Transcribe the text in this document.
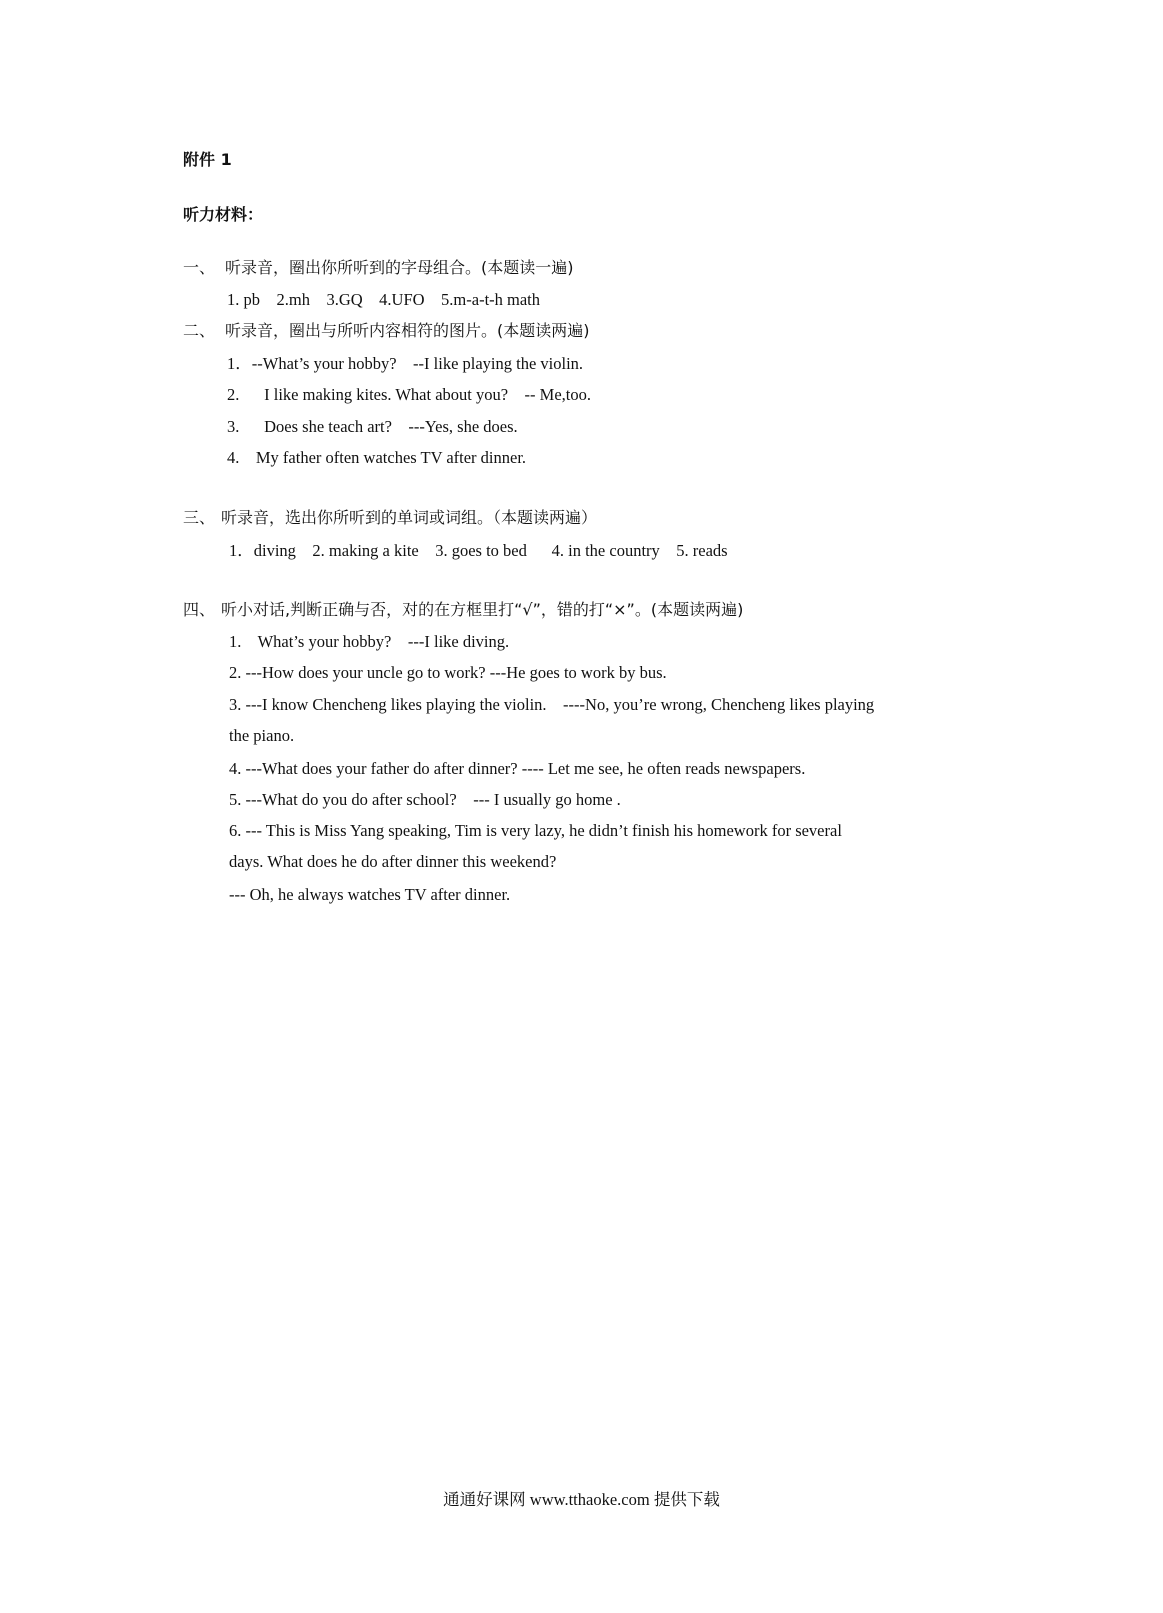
附件 1
听力材料：
一、 听录音，圈出你所听到的字母组合。(本题读一遍)
1. pb    2.mh    3.GQ    4.UFO    5.m-a-t-h math
二、 听录音，圈出与所听内容相符的图片。(本题读两遍)
1．--What’s your hobby?    --I like playing the violin.
2.      I like making kites. What about you?    -- Me,too.
3.      Does she teach art?    ---Yes, she does.
4.    My father often watches TV after dinner.
三、 听录音，选出你所听到的单词或词组。（本题读两遍）
1．diving    2. making a kite    3. goes to bed      4. in the country    5. reads
四、 听小对话,判断正确与否，对的在方框里打“√”，错的打“×”。(本题读两遍)
1.    What’s your hobby?    ---I like diving.
2. ---How does your uncle go to work? ---He goes to work by bus.
3. ---I know Chencheng likes playing the violin.    ----No, you’re wrong, Chencheng likes playing
the piano.
4. ---What does your father do after dinner? ---- Let me see, he often reads newspapers.
5. ---What do you do after school?    --- I usually go home .
6. --- This is Miss Yang speaking, Tim is very lazy, he didn’t finish his homework for several
days. What does he do after dinner this weekend?
--- Oh, he always watches TV after dinner.
通通好课网 www.tthaoke.com 提供下载
